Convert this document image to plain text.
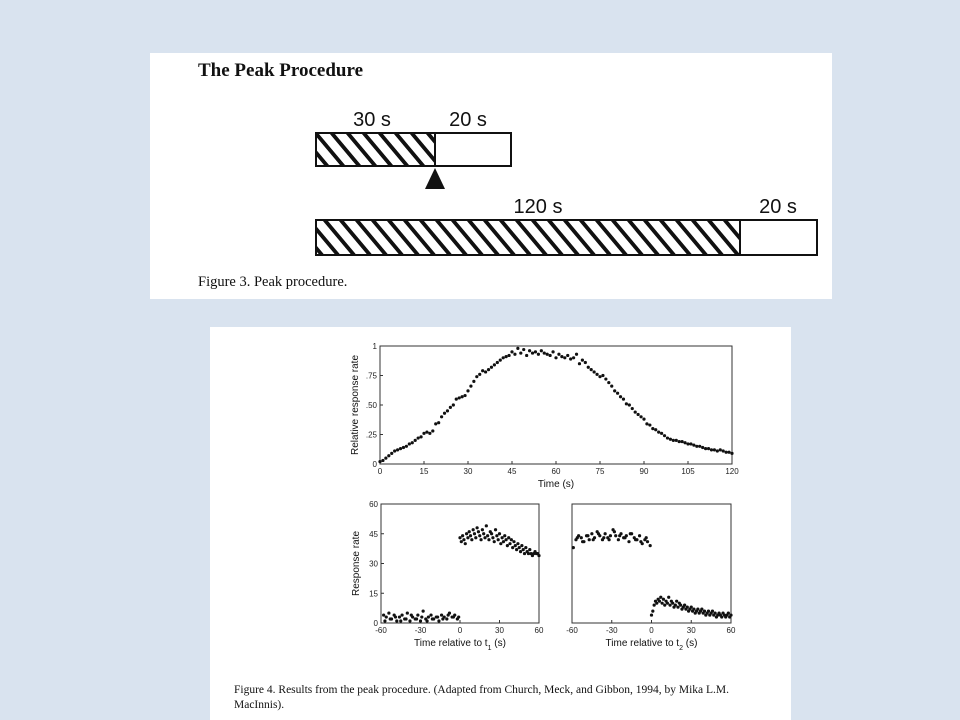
The Peak Procedure
30 s	20 s
120 s	20 s
Figure 3. Peak procedure.
0	15	30	45	60	75	90	105	120
0
.25
.50
.75
1
Time (s)
Relative response rate
-60	-30	0	30	60
0
15
30
45
60
Time relative to $t_1$ (s)
Response rate
-60	-30	0	30	60
Time relative to $t_2$ (s)
Figure 4. Results from the peak procedure. (Adapted from Church, Meck, and Gibbon, 1994, by Mika L.M. MacInnis).
